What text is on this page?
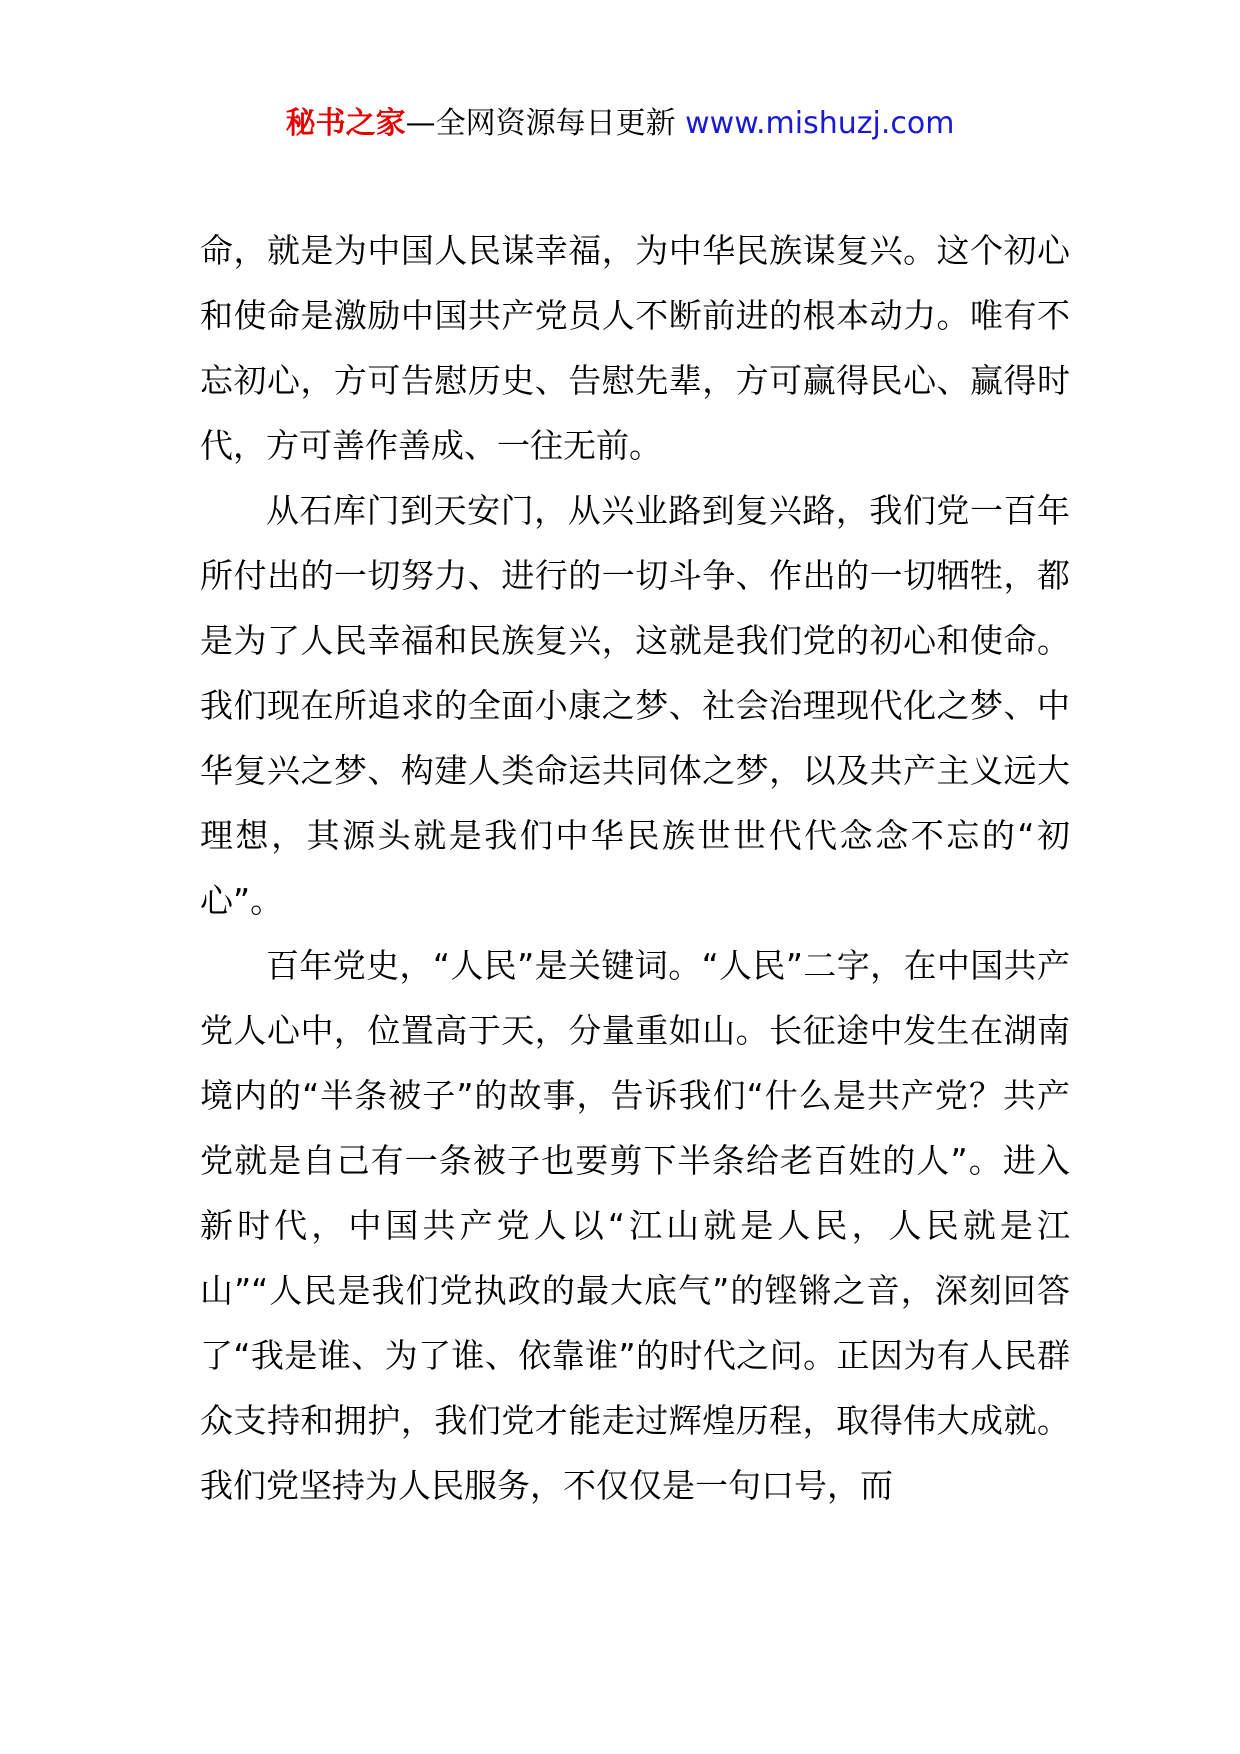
秘书之家—全网资源每日更新 www.mishuzj.com

命，就是为中国人民谋幸福，为中华民族谋复兴。这个初心和使命是激励中国共产党员人不断前进的根本动力。唯有不忘初心，方可告慰历史、告慰先辈，方可赢得民心、赢得时代，方可善作善成、一往无前。

从石库门到天安门，从兴业路到复兴路，我们党一百年所付出的一切努力、进行的一切斗争、作出的一切牺牲，都是为了人民幸福和民族复兴，这就是我们党的初心和使命。我们现在所追求的全面小康之梦、社会治理现代化之梦、中华复兴之梦、构建人类命运共同体之梦，以及共产主义远大理想，其源头就是我们中华民族世世代代念念不忘的“初心”。

百年党史，“人民”是关键词。“人民”二字，在中国共产党人心中，位置高于天，分量重如山。长征途中发生在湖南境内的“半条被子”的故事，告诉我们“什么是共产党？共产党就是自己有一条被子也要剪下半条给老百姓的人”。进入新时代，中国共产党人以“江山就是人民，人民就是江山”“人民是我们党执政的最大底气”的铿锵之音，深刻回答了“我是谁、为了谁、依靠谁”的时代之问。正因为有人民群众支持和拥护，我们党才能走过辉煌历程，取得伟大成就。我们党坚持为人民服务，不仅仅是一句口号，而
